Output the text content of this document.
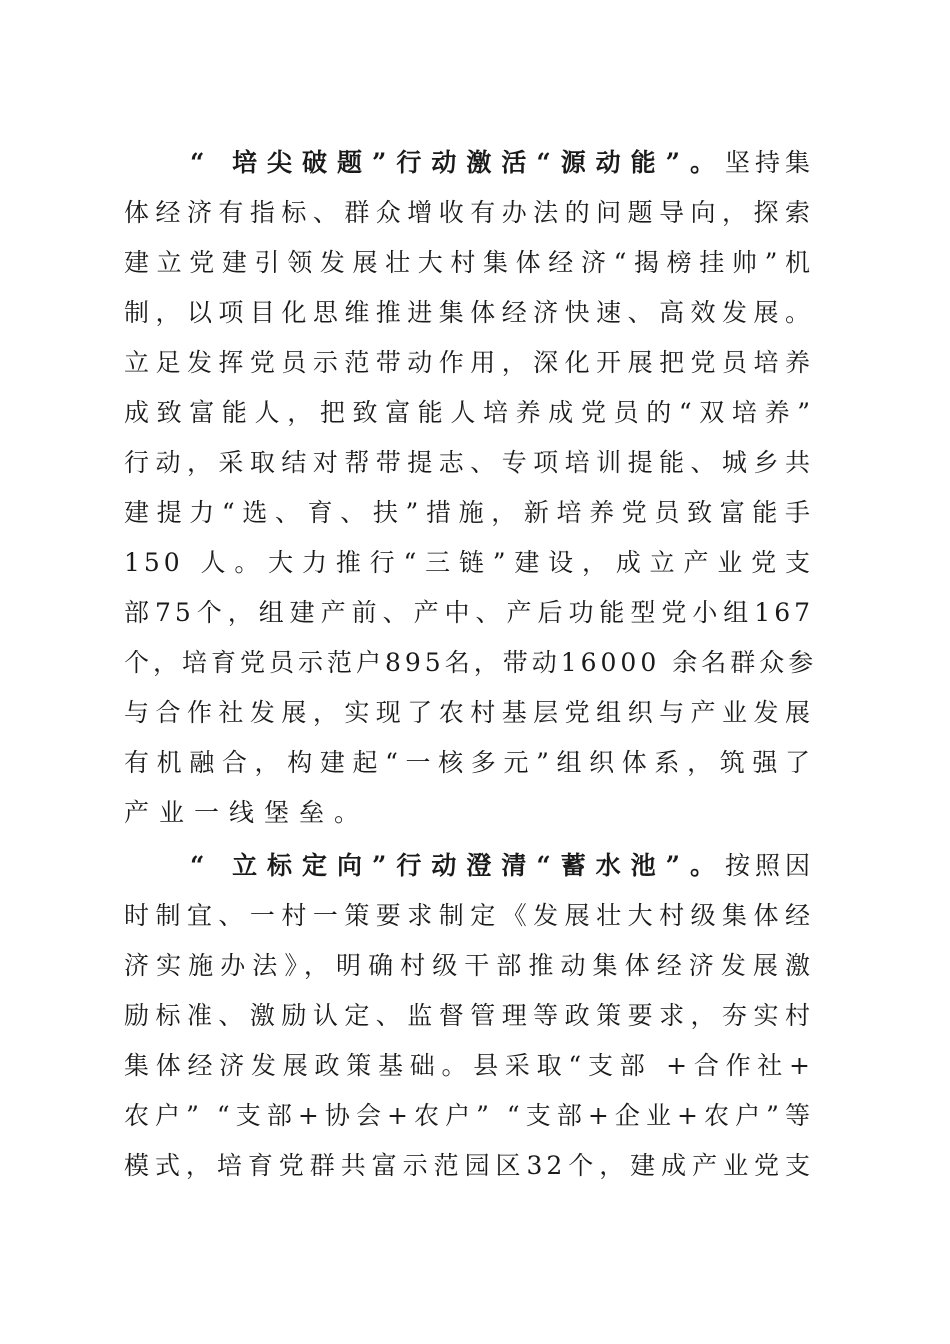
“ 培尖破题”行动激活“源动能”。坚持集
体经济有指标、群众增收有办法的问题导向，探索
建立党建引领发展壮大村集体经济“揭榜挂帅”机
制，以项目化思维推进集体经济快速、高效发展。
立足发挥党员示范带动作用，深化开展把党员培养
成致富能人，把致富能人培养成党员的“双培养”
行动，采取结对帮带提志、专项培训提能、城乡共
建提力“选、育、扶”措施，新培养党员致富能手
150 人。大力推行“三链”建设，成立产业党支
部75个，组建产前、产中、产后功能型党小组167
个，培育党员示范户895名，带动16000 余名群众参
与合作社发展，实现了农村基层党组织与产业发展
有机融合，构建起“一核多元”组织体系，筑强了
产业一线堡垒。
“ 立标定向”行动澄清“蓄水池”。按照因
时制宜、一村一策要求制定《发展壮大村级集体经
济实施办法》，明确村级干部推动集体经济发展激
励标准、激励认定、监督管理等政策要求，夯实村
集体经济发展政策基础。县采取“支部 +合作社+
农户” “支部+协会+农户” “支部+企业+农户”等
模式，培育党群共富示范园区32个，建成产业党支
